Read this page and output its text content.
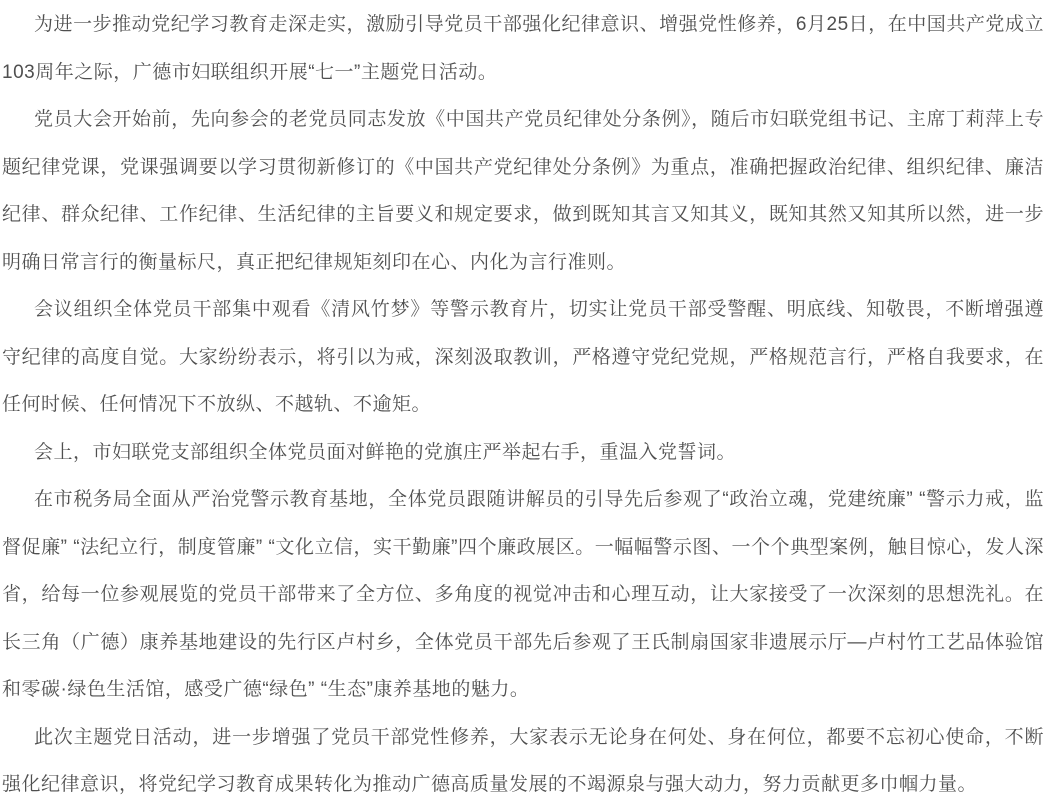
为进一步推动党纪学习教育走深走实，激励引导党员干部强化纪律意识、增强党性修养，6月25日，在中国共产党成立103周年之际，广德市妇联组织开展“七一”主题党日活动。

党员大会开始前，先向参会的老党员同志发放《中国共产党员纪律处分条例》，随后市妇联党组书记、主席丁莉萍上专题纪律党课，党课强调要以学习贯彻新修订的《中国共产党纪律处分条例》为重点，准确把握政治纪律、组织纪律、廉洁纪律、群众纪律、工作纪律、生活纪律的主旨要义和规定要求，做到既知其言又知其义，既知其然又知其所以然，进一步明确日常言行的衡量标尺，真正把纪律规矩刻印在心、内化为言行准则。

会议组织全体党员干部集中观看《清风竹梦》等警示教育片，切实让党员干部受警醒、明底线、知敬畏，不断增强遵守纪律的高度自觉。大家纷纷表示，将引以为戒，深刻汲取教训，严格遵守党纪党规，严格规范言行，严格自我要求，在任何时候、任何情况下不放纵、不越轨、不逾矩。

会上，市妇联党支部组织全体党员面对鲜艳的党旗庄严举起右手，重温入党誓词。

在市税务局全面从严治党警示教育基地，全体党员跟随讲解员的引导先后参观了“政治立魂，党建统廉” “警示力戒，监督促廉” “法纪立行，制度管廉” “文化立信，实干勤廉”四个廉政展区。一幅幅警示图、一个个典型案例，触目惊心，发人深省，给每一位参观展览的党员干部带来了全方位、多角度的视觉冲击和心理互动，让大家接受了一次深刻的思想洗礼。在长三角（广德）康养基地建设的先行区卢村乡，全体党员干部先后参观了王氏制扇国家非遗展示厅—卢村竹工艺品体验馆和零碳·绿色生活馆，感受广德“绿色” “生态”康养基地的魅力。

此次主题党日活动，进一步增强了党员干部党性修养，大家表示无论身在何处、身在何位，都要不忘初心使命，不断强化纪律意识，将党纪学习教育成果转化为推动广德高质量发展的不竭源泉与强大动力，努力贡献更多巾帼力量。
